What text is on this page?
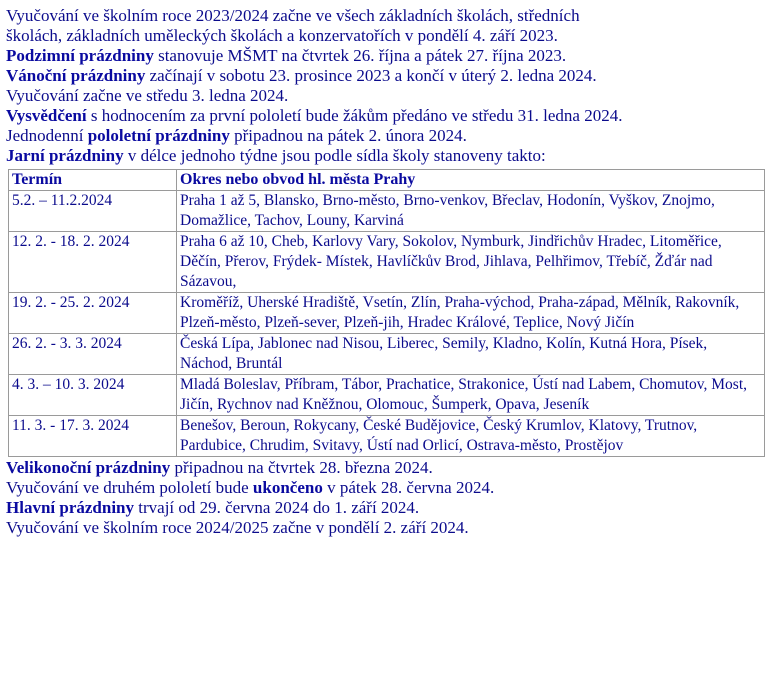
Vyučování ve školním roce 2023/2024 začne ve všech základních školách, středních

školách, základních uměleckých školách a konzervatořích v pondělí 4. září 2023.

Podzimní prázdniny stanovuje MŠMT na čtvrtek 26. října a pátek 27. října 2023.

Vánoční prázdniny začínají v sobotu 23. prosince 2023 a končí v úterý 2. ledna 2024.

Vyučování začne ve středu 3. ledna 2024.

Vysvědčení s hodnocením za první pololetí bude žákům předáno ve středu 31. ledna 2024.

Jednodenní pololetní prázdniny připadnou na pátek 2. února 2024.

Jarní prázdniny v délce jednoho týdne jsou podle sídla školy stanoveny takto:

Termín	Okres nebo obvod hl. města Prahy
5.2. – 11.2.2024	Praha 1 až 5, Blansko, Brno-město, Brno-venkov, Břeclav, Hodonín, Vyškov, Znojmo, Domažlice, Tachov, Louny, Karviná
12. 2. - 18. 2. 2024	Praha 6 až 10, Cheb, Karlovy Vary, Sokolov, Nymburk, Jindřichův Hradec, Litoměřice, Děčín, Přerov, Frýdek- Místek, Havlíčkův Brod, Jihlava, Pelhřimov, Třebíč, Žďár nad Sázavou,
19. 2. - 25. 2. 2024	Kroměříž, Uherské Hradiště, Vsetín, Zlín, Praha-východ, Praha-západ, Mělník, Rakovník, Plzeň-město, Plzeň-sever, Plzeň-jih, Hradec Králové, Teplice, Nový Jičín
26. 2. - 3. 3. 2024	Česká Lípa, Jablonec nad Nisou, Liberec, Semily, Kladno, Kolín, Kutná Hora, Písek, Náchod, Bruntál
4. 3. – 10. 3. 2024	Mladá Boleslav, Příbram, Tábor, Prachatice, Strakonice, Ústí nad Labem, Chomutov, Most, Jičín, Rychnov nad Kněžnou, Olomouc, Šumperk, Opava, Jeseník
11. 3. - 17. 3. 2024	Benešov, Beroun, Rokycany, České Budějovice, Český Krumlov, Klatovy, Trutnov, Pardubice, Chrudim, Svitavy, Ústí nad Orlicí, Ostrava-město, Prostějov

Velikonoční prázdniny připadnou na čtvrtek 28. března 2024.

Vyučování ve druhém pololetí bude ukončeno v pátek 28. června 2024.

Hlavní prázdniny trvají od 29. června 2024 do 1. září 2024.

Vyučování ve školním roce 2024/2025 začne v pondělí 2. září 2024.
